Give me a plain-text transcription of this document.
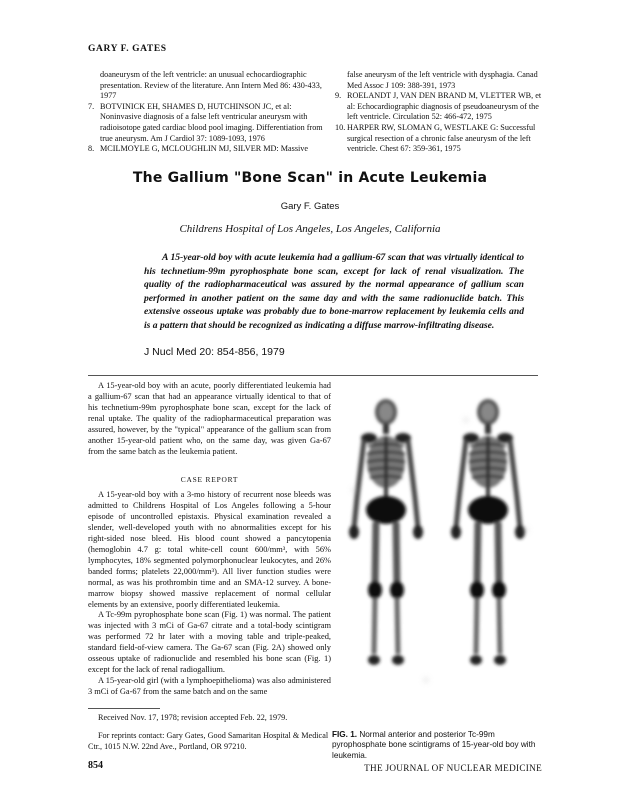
GARY F. GATES
doaneurysm of the left ventricle: an unusual echocardiographic presentation. Review of the literature. Ann Intern Med 86: 430-433, 1977
7. BOTVINICK EH, SHAMES D, HUTCHINSON JC, et al: Noninvasive diagnosis of a false left ventricular aneurysm with radioisotope gated cardiac blood pool imaging. Differentiation from true aneurysm. Am J Cardiol 37: 1089-1093, 1976
8. MCILMOYLE G, MCLOUGHLIN MJ, SILVER MD: Massive
false aneurysm of the left ventricle with dysphagia. Canad Med Assoc J 109: 388-391, 1973
9. ROELANDT J, VAN DEN BRAND M, VLETTER WB, et al: Echocardiographic diagnosis of pseudoaneurysm of the left ventricle. Circulation 52: 466-472, 1975
10. HARPER RW, SLOMAN G, WESTLAKE G: Successful surgical resection of a chronic false aneurysm of the left ventricle. Chest 67: 359-361, 1975
The Gallium "Bone Scan" in Acute Leukemia
Gary F. Gates
Childrens Hospital of Los Angeles, Los Angeles, California
A 15-year-old boy with acute leukemia had a gallium-67 scan that was virtually identical to his technetium-99m pyrophosphate bone scan, except for lack of renal visualization. The quality of the radiopharmaceutical was assured by the normal appearance of gallium scan performed in another patient on the same day and with the same radionuclide batch. This extensive osseous uptake was probably due to bone-marrow replacement by leukemia cells and is a pattern that should be recognized as indicating a diffuse marrow-infiltrating disease.
J Nucl Med 20: 854-856, 1979

A 15-year-old boy with an acute, poorly differentiated leukemia had a gallium-67 scan that had an appearance virtually identical to that of his technetium-99m pyrophosphate bone scan, except for the lack of renal uptake. The quality of the radiopharmaceutical preparation was assured, however, by the "typical" appearance of the gallium scan from another 15-year-old patient who, on the same day, was given Ga-67 from the same batch as the leukemia patient.

CASE REPORT

A 15-year-old boy with a 3-mo history of recurrent nose bleeds was admitted to Childrens Hospital of Los Angeles following a 5-hour episode of uncontrolled epistaxis. Physical examination revealed a slender, well-developed youth with no abnormalities except for his right-sided nose bleed. His blood count showed a pancytopenia (hemoglobin 4.7 g: total white-cell count 600/mm³, with 56% lymphocytes, 18% segmented polymorphonuclear leukocytes, and 26% banded forms; platelets 22,000/mm³). All liver function studies were normal, as was his prothrombin time and an SMA-12 survey. A bone-marrow biopsy showed massive replacement of normal cellular elements by an extensive, poorly differentiated leukemia.

A Tc-99m pyrophosphate bone scan (Fig. 1) was normal. The patient was injected with 3 mCi of Ga-67 citrate and a total-body scintigram was performed 72 hr later with a moving table and triple-peaked, standard field-of-view camera. The Ga-67 scan (Fig. 2A) showed only osseous uptake of radionuclide and resembled his bone scan (Fig. 1) except for the lack of renal radiogallium.

A 15-year-old girl (with a lymphoepithelioma) was also administered 3 mCi of Ga-67 from the same batch and on the same

Received Nov. 17, 1978; revision accepted Feb. 22, 1979.
For reprints contact: Gary Gates, Good Samaritan Hospital & Medical Ctr., 1015 N.W. 22nd Ave., Portland, OR 97210.
FIG. 1. Normal anterior and posterior Tc-99m pyrophosphate bone scintigrams of 15-year-old boy with leukemia.
854	THE JOURNAL OF NUCLEAR MEDICINE
